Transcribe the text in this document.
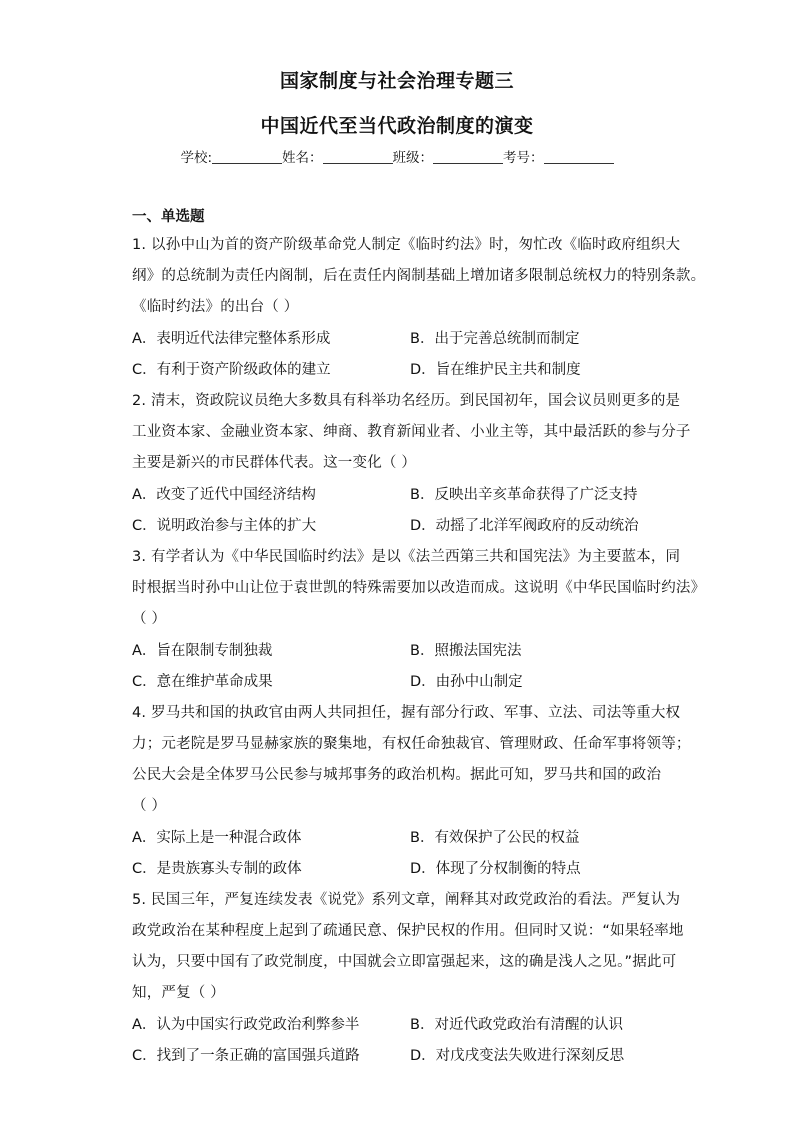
国家制度与社会治理专题三
中国近代至当代政治制度的演变
学校:	姓名：	班级：	考号：
一、单选题
1. 以孙中山为首的资产阶级革命党人制定《临时约法》时，匆忙改《临时政府组织大
纲》的总统制为责任内阁制，后在责任内阁制基础上增加诸多限制总统权力的特别条款。
《临时约法》的出台（ ）
A．表明近代法律完整体系形成	B．出于完善总统制而制定
C．有利于资产阶级政体的建立	D．旨在维护民主共和制度
2. 清末，资政院议员绝大多数具有科举功名经历。到民国初年，国会议员则更多的是
工业资本家、金融业资本家、绅商、教育新闻业者、小业主等，其中最活跃的参与分子
主要是新兴的市民群体代表。这一变化（ ）
A．改变了近代中国经济结构	B．反映出辛亥革命获得了广泛支持
C．说明政治参与主体的扩大	D．动摇了北洋军阀政府的反动统治
3. 有学者认为《中华民国临时约法》是以《法兰西第三共和国宪法》为主要蓝本，同
时根据当时孙中山让位于袁世凯的特殊需要加以改造而成。这说明《中华民国临时约法》
（ ）
A．旨在限制专制独裁	B．照搬法国宪法
C．意在维护革命成果	D．由孙中山制定
4. 罗马共和国的执政官由两人共同担任，握有部分行政、军事、立法、司法等重大权
力；元老院是罗马显赫家族的聚集地，有权任命独裁官、管理财政、任命军事将领等；
公民大会是全体罗马公民参与城邦事务的政治机构。据此可知，罗马共和国的政治
（ ）
A．实际上是一种混合政体	B．有效保护了公民的权益
C．是贵族寡头专制的政体	D．体现了分权制衡的特点
5. 民国三年，严复连续发表《说党》系列文章，阐释其对政党政治的看法。严复认为
政党政治在某种程度上起到了疏通民意、保护民权的作用。但同时又说：“如果轻率地
认为，只要中国有了政党制度，中国就会立即富强起来，这的确是浅人之见。”据此可
知，严复（ ）
A．认为中国实行政党政治利弊参半	B．对近代政党政治有清醒的认识
C．找到了一条正确的富国强兵道路	D．对戊戌变法失败进行深刻反思
